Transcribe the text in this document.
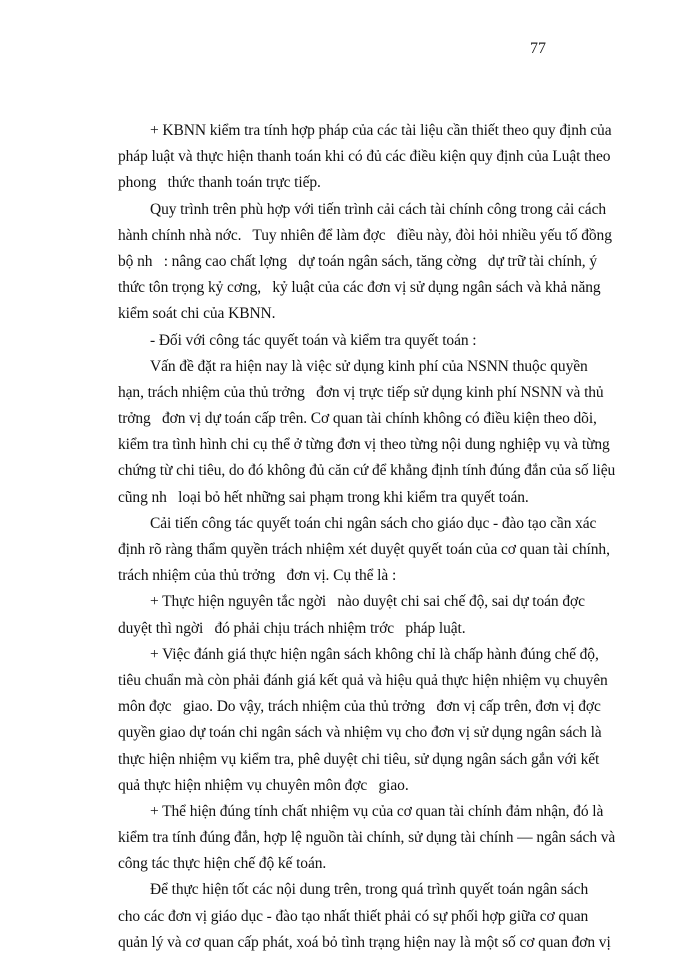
77
+ KBNN kiểm tra tính hợp pháp của các tài liệu cần thiết theo quy định của
pháp luật và thực hiện thanh toán khi có đủ các điều kiện quy định của Luật theo
phong   thức thanh toán trực tiếp.
Quy trình trên phù hợp với tiến trình cải cách tài chính công trong cải cách
hành chính nhà nớc.   Tuy nhiên để làm đợc   điều này, đòi hỏi nhiều yếu tố đồng
bộ nh   : nâng cao chất lợng   dự toán ngân sách, tăng cờng   dự trữ tài chính, ý
thức tôn trọng kỷ cơng,   kỷ luật của các đơn vị sử dụng ngân sách và khả năng
kiểm soát chi của KBNN.
- Đối với công tác quyết toán và kiểm tra quyết toán :
Vấn đề đặt ra hiện nay là việc sử dụng kinh phí của NSNN thuộc quyền
hạn, trách nhiệm của thủ trởng   đơn vị trực tiếp sử dụng kinh phí NSNN và thủ
trởng   đơn vị dự toán cấp trên. Cơ quan tài chính không có điều kiện theo dõi,
kiểm tra tình hình chi cụ thể ở từng đơn vị theo từng nội dung nghiệp vụ và từng
chứng từ chi tiêu, do đó không đủ căn cứ để khẳng định tính đúng đắn của số liệu
cũng nh   loại bỏ hết những sai phạm trong khi kiểm tra quyết toán.
Cải tiến công tác quyết toán chi ngân sách cho giáo dục - đào tạo cần xác
định rõ ràng thẩm quyền trách nhiệm xét duyệt quyết toán của cơ quan tài chính,
trách nhiệm của thủ trởng   đơn vị. Cụ thể là :
+ Thực hiện nguyên tắc ngời   nào duyệt chi sai chế độ, sai dự toán đợc
duyệt thì ngời   đó phải chịu trách nhiệm trớc   pháp luật.
+ Việc đánh giá thực hiện ngân sách không chỉ là chấp hành đúng chế độ,
tiêu chuẩn mà còn phải đánh giá kết quả và hiệu quả thực hiện nhiệm vụ chuyên
môn đợc   giao. Do vậy, trách nhiệm của thủ trởng   đơn vị cấp trên, đơn vị đợc
quyền giao dự toán chi ngân sách và nhiệm vụ cho đơn vị sử dụng ngân sách là
thực hiện nhiệm vụ kiểm tra, phê duyệt chi tiêu, sử dụng ngân sách gắn với kết
quả thực hiện nhiệm vụ chuyên môn đợc   giao.
+ Thể hiện đúng tính chất nhiệm vụ của cơ quan tài chính đảm nhận, đó là
kiểm tra tính đúng đắn, hợp lệ nguồn tài chính, sử dụng tài chính — ngân sách và
công tác thực hiện chế độ kế toán.
Để thực hiện tốt các nội dung trên, trong quá trình quyết toán ngân sách
cho các đơn vị giáo dục - đào tạo nhất thiết phải có sự phối hợp giữa cơ quan
quản lý và cơ quan cấp phát, xoá bỏ tình trạng hiện nay là một số cơ quan đơn vị
